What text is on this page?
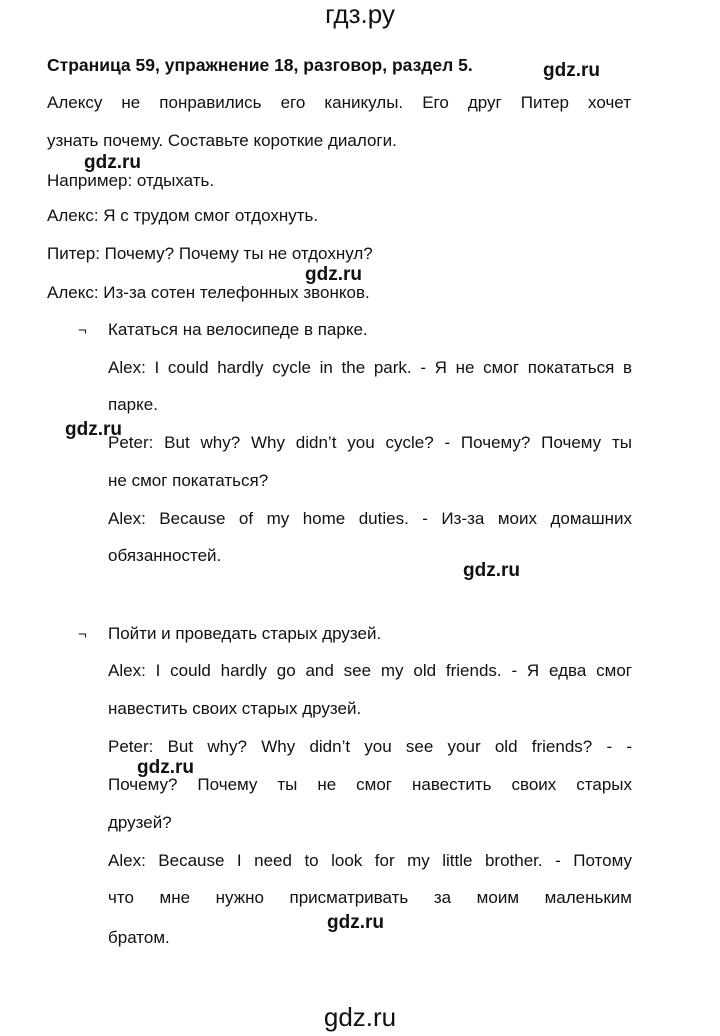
гдз.ру
Страница 59, упражнение 18, разговор, раздел 5.	gdz.ru
Алексу не понравились его каникулы. Его друг Питер хочет
узнать почему. Составьте короткие диалоги.
gdz.ru
Например: отдыхать.
Алекс: Я с трудом смог отдохнуть.
Питер: Почему? Почему ты не отдохнул?
gdz.ru
Алекс: Из-за сотен телефонных звонков.
¬ Кататься на велосипеде в парке.
Alex: I could hardly cycle in the park. - Я не смог покататься в
парке.
gdz.ru
Peter: But why? Why didn’t you cycle? - Почему? Почему ты
не смог покататься?
Alex: Because of my home duties. - Из-за моих домашних
обязанностей.
gdz.ru
¬ Пойти и проведать старых друзей.
Alex: I could hardly go and see my old friends. - Я едва смог
навестить своих старых друзей.
Peter: But why? Why didn’t you see your old friends? - -
gdz.ru
Почему? Почему ты не смог навестить своих старых
друзей?
Alex: Because I need to look for my little brother. - Потому
что мне нужно присматривать за моим маленьким
gdz.ru
братом.
gdz.ru
